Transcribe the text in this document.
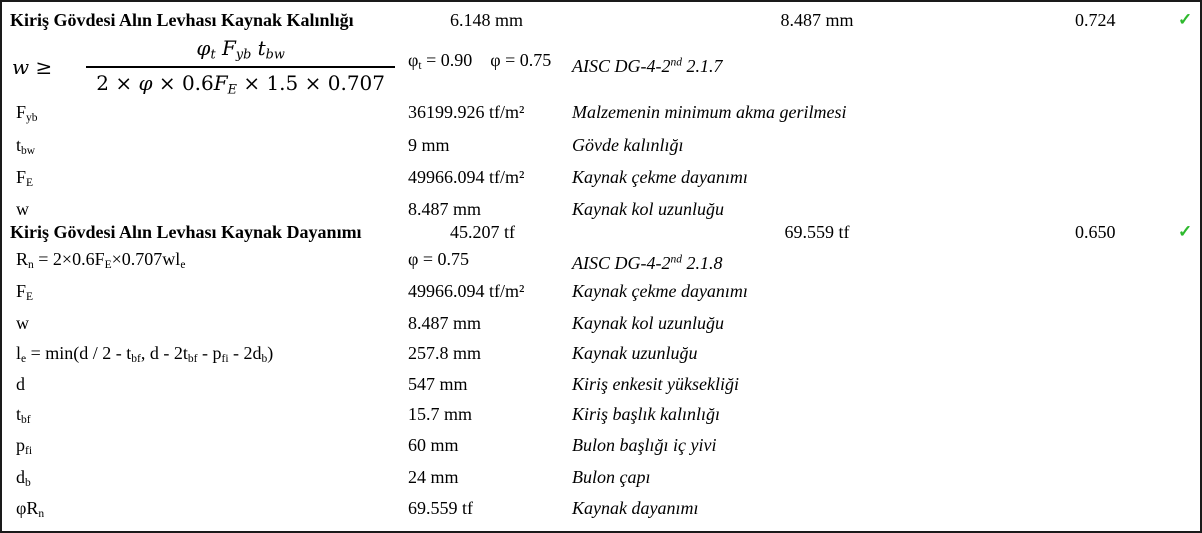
Kiriş Gövdesi Alın Levhası Kaynak Kalınlığı	6.148 mm	8.487 mm	0.724	✓
$w \ge \frac{\text{φt Fyb tbw}}{2 \times \varphi \times 0.6FE \times 1.5 \times 0.707}$ φt = 0.90 φ = 0.75 AISC DG-4-2nd 2.1.7
Fyb	36199.926 tf/m²	Malzemenin minimum akma gerilmesi
tbw	9 mm	Gövde kalınlığı
FE	49966.094 tf/m²	Kaynak çekme dayanımı
w	8.487 mm	Kaynak kol uzunluğu
Kiriş Gövdesi Alın Levhası Kaynak Dayanımı	45.207 tf	69.559 tf	0.650	✓
Rn = 2×0.6FE×0.707wle	φ = 0.75	AISC DG-4-2nd 2.1.8
FE	49966.094 tf/m²	Kaynak çekme dayanımı
w	8.487 mm	Kaynak kol uzunluğu
le = min(d / 2 - tbf, d - 2tbf - pfi - 2db)	257.8 mm	Kaynak uzunluğu
d	547 mm	Kiriş enkesit yüksekliği
tbf	15.7 mm	Kiriş başlık kalınlığı
pfi	60 mm	Bulon başlığı iç yivi
db	24 mm	Bulon çapı
φRn	69.559 tf	Kaynak dayanımı
